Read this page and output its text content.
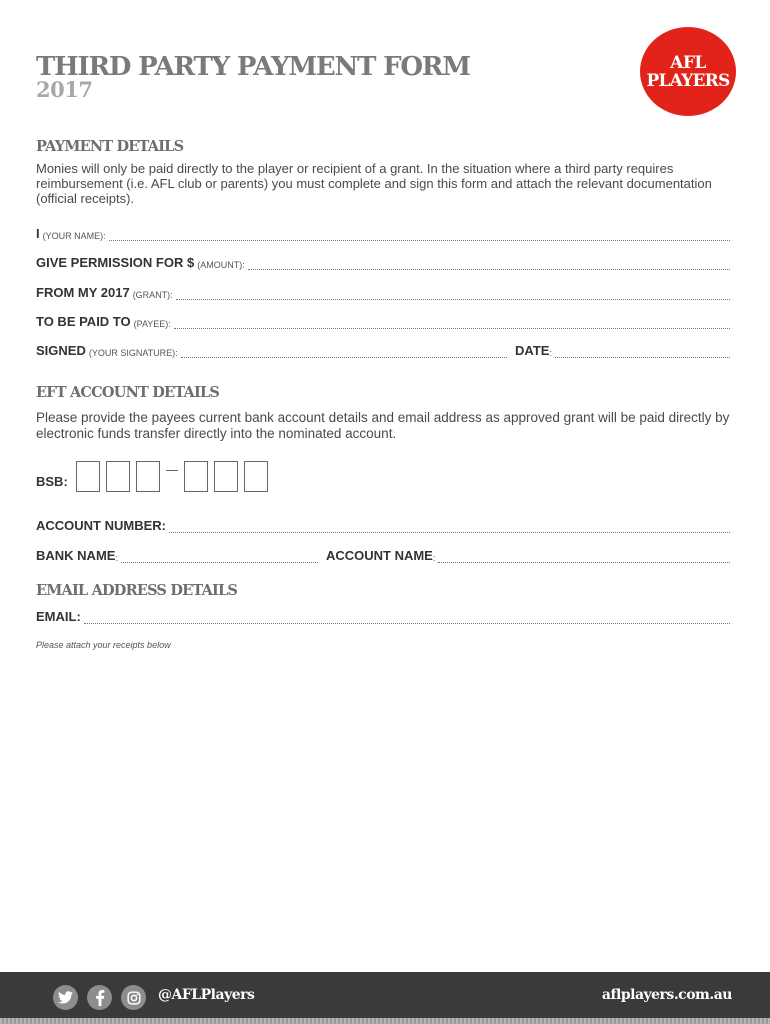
THIRD PARTY PAYMENT FORM
2017
AFL
PLAYERS
PAYMENT DETAILS

Monies will only be paid directly to the player or recipient of a grant. In the situation where a third party requires reimbursement (i.e. AFL club or parents) you must complete and sign this form and attach the relevant documentation (official receipts).

I (YOUR NAME):
GIVE PERMISSION FOR $ (AMOUNT):
FROM MY 2017 (GRANT):
TO BE PAID TO (PAYEE):
SIGNED (YOUR SIGNATURE):	DATE :
EFT ACCOUNT DETAILS

Please provide the payees current bank account details and email address as approved grant will be paid directly by electronic funds transfer directly into the nominated account.

BSB:
ACCOUNT NUMBER:
BANK NAME :	ACCOUNT NAME :
EMAIL ADDRESS DETAILS
EMAIL:

Please attach your receipts below

@AFLPlayers	aflplayers.com.au
